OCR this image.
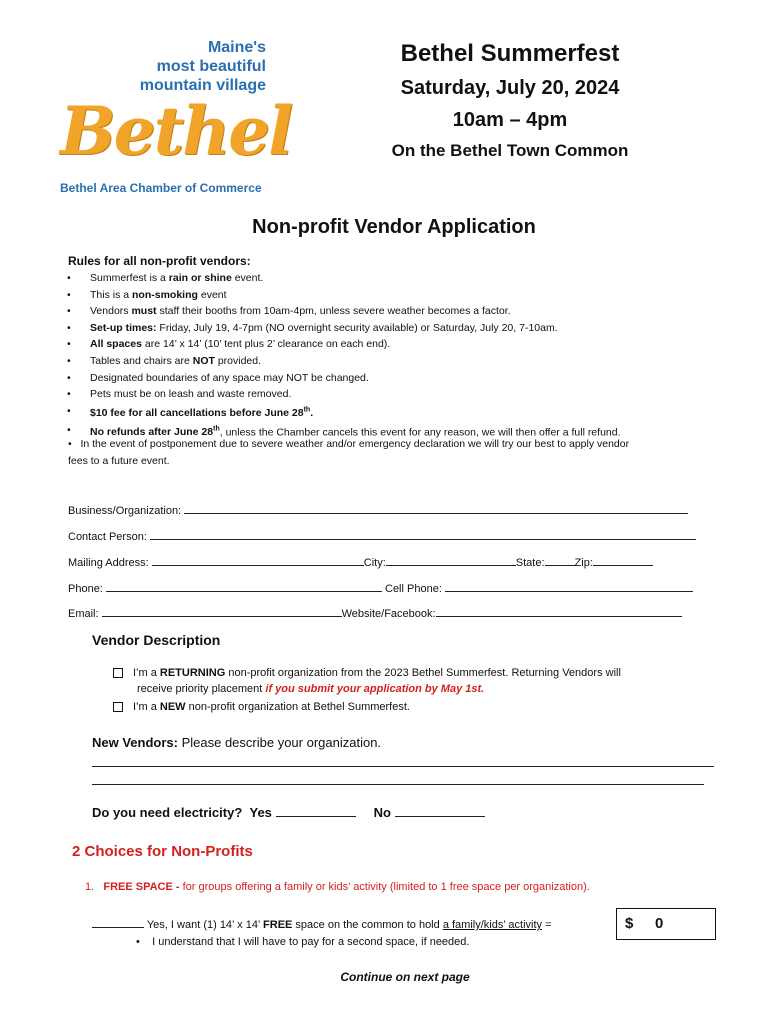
Maine's
most beautiful
mountain village
Bethel
Bethel Area Chamber of Commerce
Bethel Summerfest
Saturday, July 20, 2024
10am – 4pm
On the Bethel Town Common
Non-profit Vendor Application
Rules for all non-profit vendors:
• Summerfest is a rain or shine event.
• This is a non-smoking event
• Vendors must staff their booths from 10am-4pm, unless severe weather becomes a factor.
• Set-up times: Friday, July 19, 4-7pm (NO overnight security available) or Saturday, July 20, 7-10am.
• All spaces are 14’ x 14’ (10’ tent plus 2’ clearance on each end).
• Tables and chairs are NOT provided.
• Designated boundaries of any space may NOT be changed.
• Pets must be on leash and waste removed.
• $10 fee for all cancellations before June 28th.
• No refunds after June 28th, unless the Chamber cancels this event for any reason, we will then offer a full refund.
• In the event of postponement due to severe weather and/or emergency declaration we will try our best to apply vendor
fees to a future event.
Business/Organization:
Contact Person:
Mailing Address:	City:	State:	Zip:
Phone:	Cell Phone:
Email:	Website/Facebook:
Vendor Description
I’m a RETURNING non-profit organization from the 2023 Bethel Summerfest. Returning Vendors will
receive priority placement if you submit your application by May 1st.
I’m a NEW non-profit organization at Bethel Summerfest.
New Vendors: Please describe your organization.
Do you need electricity? Yes	No
2 Choices for Non-Profits
1. FREE SPACE - for groups offering a family or kids’ activity (limited to 1 free space per organization).
Yes, I want (1) 14’ x 14’ FREE space on the common to hold a family/kids’ activity =	$ 0
• I understand that I will have to pay for a second space, if needed.
Continue on next page
